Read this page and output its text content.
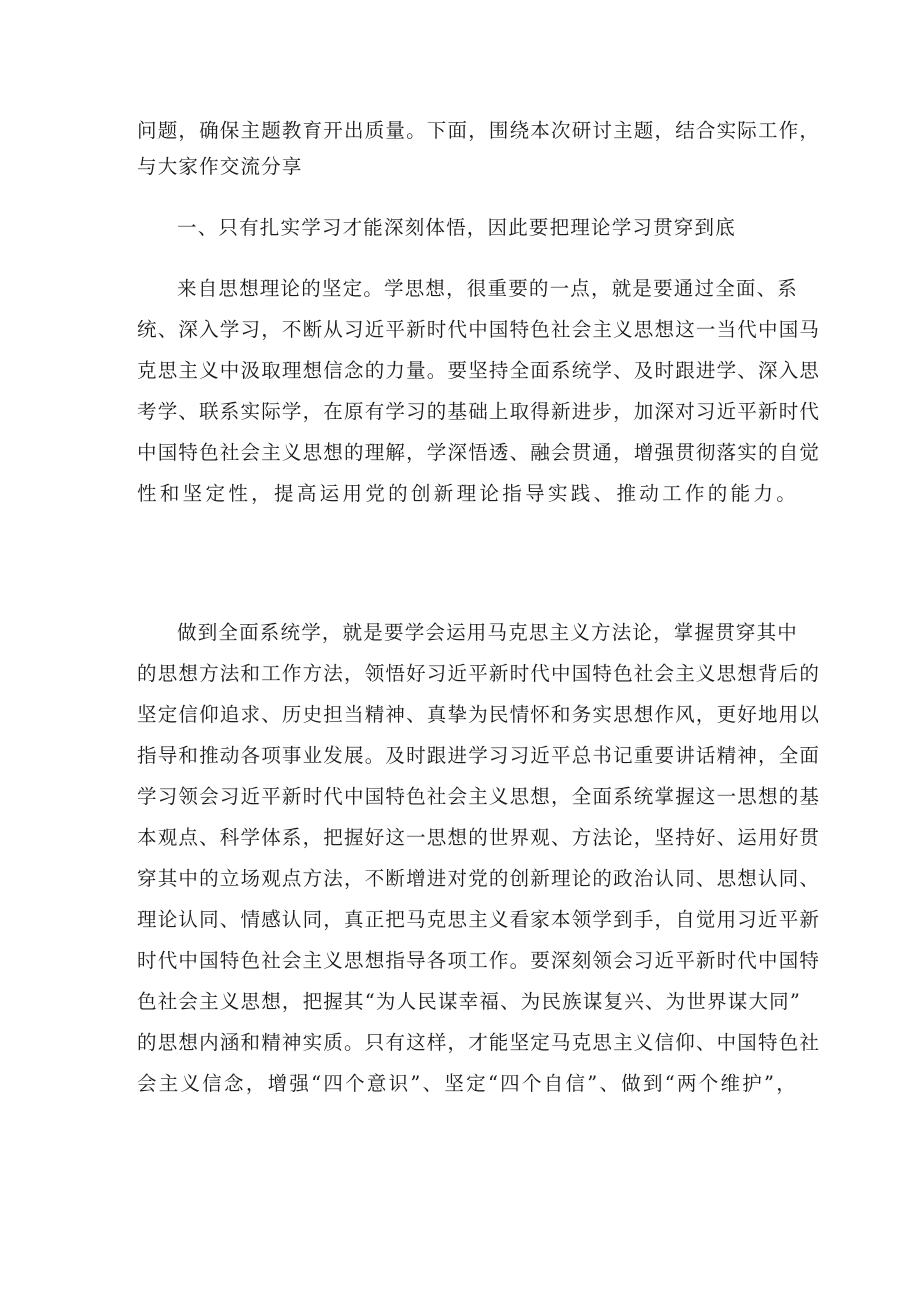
问题，确保主题教育开出质量。下面，围绕本次研讨主题，结合实际工作，
与大家作交流分享
一、只有扎实学习才能深刻体悟，因此要把理论学习贯穿到底
来自思想理论的坚定。学思想，很重要的一点，就是要通过全面、系
统、深入学习，不断从习近平新时代中国特色社会主义思想这一当代中国马
克思主义中汲取理想信念的力量。要坚持全面系统学、及时跟进学、深入思
考学、联系实际学，在原有学习的基础上取得新进步，加深对习近平新时代
中国特色社会主义思想的理解，学深悟透、融会贯通，增强贯彻落实的自觉
性和坚定性，提高运用党的创新理论指导实践、推动工作的能力。
做到全面系统学，就是要学会运用马克思主义方法论，掌握贯穿其中
的思想方法和工作方法，领悟好习近平新时代中国特色社会主义思想背后的
坚定信仰追求、历史担当精神、真挚为民情怀和务实思想作风，更好地用以
指导和推动各项事业发展。及时跟进学习习近平总书记重要讲话精神，全面
学习领会习近平新时代中国特色社会主义思想，全面系统掌握这一思想的基
本观点、科学体系，把握好这一思想的世界观、方法论，坚持好、运用好贯
穿其中的立场观点方法，不断增进对党的创新理论的政治认同、思想认同、
理论认同、情感认同，真正把马克思主义看家本领学到手，自觉用习近平新
时代中国特色社会主义思想指导各项工作。要深刻领会习近平新时代中国特
色社会主义思想，把握其“为人民谋幸福、为民族谋复兴、为世界谋大同”
的思想内涵和精神实质。只有这样，才能坚定马克思主义信仰、中国特色社
会主义信念，增强“四个意识”、坚定“四个自信”、做到“两个维护”，
